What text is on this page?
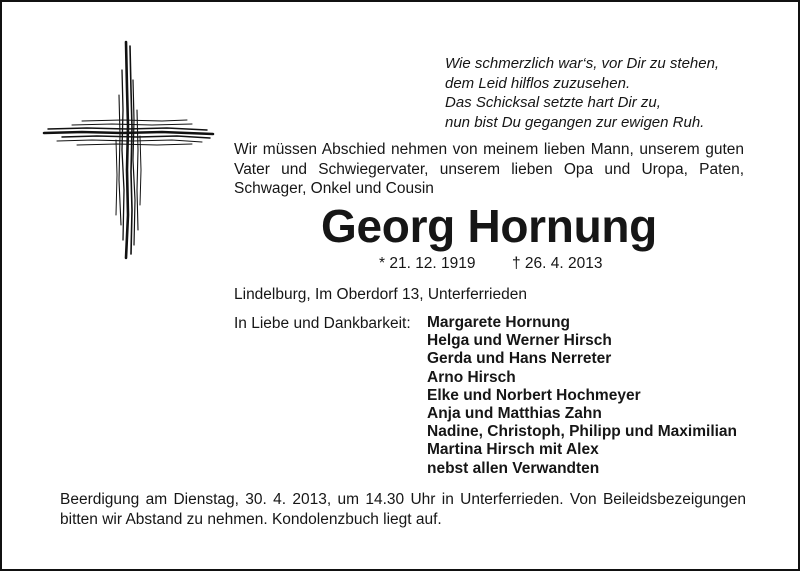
Wie schmerzlich war‘s, vor Dir zu stehen,
dem Leid hilflos zuzusehen.
Das Schicksal setzte hart Dir zu,
nun bist Du gegangen zur ewigen Ruh.
Wir müssen Abschied nehmen von meinem lieben Mann, unserem guten Vater und Schwiegervater, unserem lieben Opa und Uropa, Paten, Schwager, Onkel und Cousin
Georg Hornung
* 21. 12. 1919 † 26. 4. 2013
Lindelburg, Im Oberdorf 13, Unterferrieden
In Liebe und Dankbarkeit: Margarete Hornung
Helga und Werner Hirsch
Gerda und Hans Nerreter
Arno Hirsch
Elke und Norbert Hochmeyer
Anja und Matthias Zahn
Nadine, Christoph, Philipp und Maximilian
Martina Hirsch mit Alex
nebst allen Verwandten
Beerdigung am Dienstag, 30. 4. 2013, um 14.30 Uhr in Unterferrieden. Von Beileidsbezeigungen bitten wir Abstand zu nehmen. Kondolenzbuch liegt auf.
